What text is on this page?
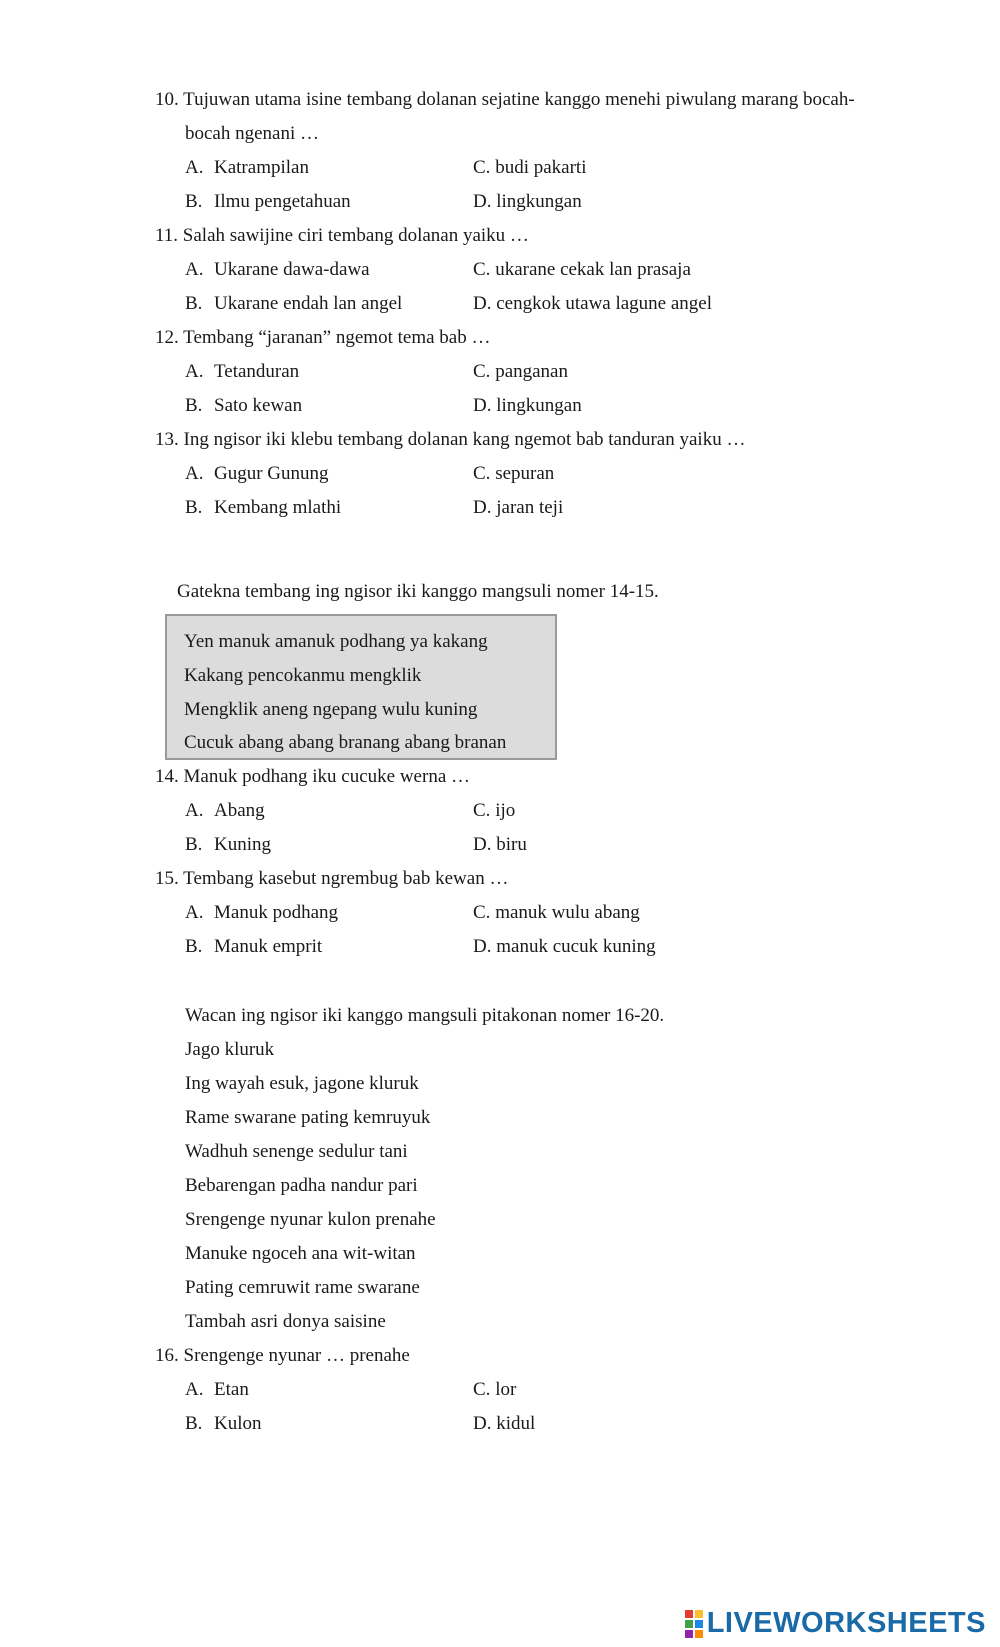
10. Tujuwan utama isine tembang dolanan sejatine kanggo menehi piwulang marang bocah-
bocah ngenani …
A. Katrampilan	C. budi pakarti
B. Ilmu pengetahuan	D. lingkungan
11. Salah sawijine ciri tembang dolanan yaiku …
A. Ukarane dawa-dawa	C. ukarane cekak lan prasaja
B. Ukarane endah lan angel	D. cengkok utawa lagune angel
12. Tembang “jaranan” ngemot tema bab …
A. Tetanduran	C. panganan
B. Sato kewan	D. lingkungan
13. Ing ngisor iki klebu tembang dolanan kang ngemot bab tanduran yaiku …
A. Gugur Gunung	C. sepuran
B. Kembang mlathi	D. jaran teji
Gatekna tembang ing ngisor iki kanggo mangsuli nomer 14-15.
Yen manuk amanuk podhang ya kakang
Kakang pencokanmu mengklik
Mengklik aneng ngepang wulu kuning
Cucuk abang abang branang abang branan
14. Manuk podhang iku cucuke werna …
A. Abang	C. ijo
B. Kuning	D. biru
15. Tembang kasebut ngrembug bab kewan …
A. Manuk podhang	C. manuk wulu abang
B. Manuk emprit	D. manuk cucuk kuning
Wacan ing ngisor iki kanggo mangsuli pitakonan nomer 16-20.
Jago kluruk
Ing wayah esuk, jagone kluruk
Rame swarane pating kemruyuk
Wadhuh senenge sedulur tani
Bebarengan padha nandur pari
Srengenge nyunar kulon prenahe
Manuke ngoceh ana wit-witan
Pating cemruwit rame swarane
Tambah asri donya saisine
16. Srengenge nyunar … prenahe
A. Etan	C. lor
B. Kulon	D. kidul
LIVEWORKSHEETS
